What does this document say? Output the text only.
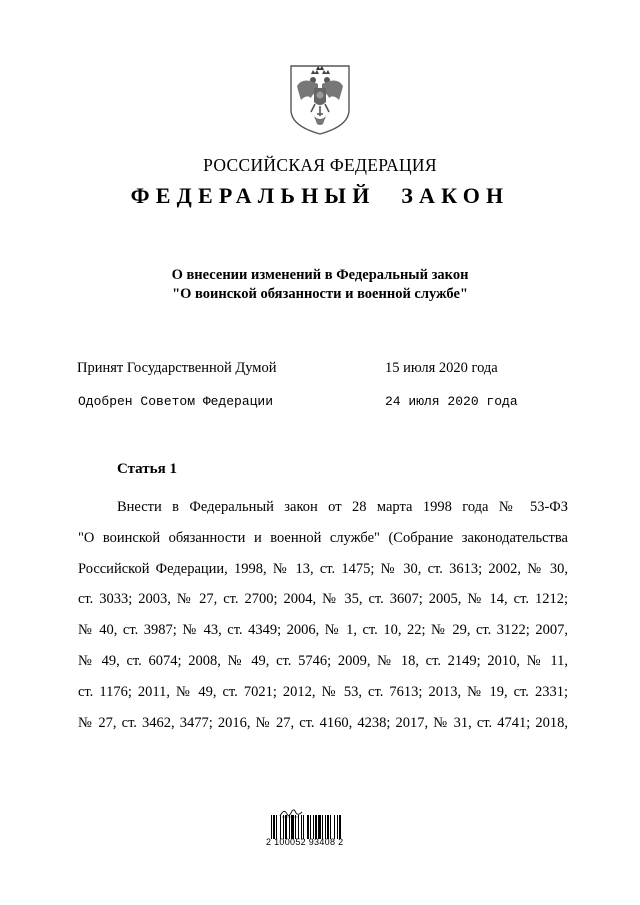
РОССИЙСКАЯ ФЕДЕРАЦИЯ
ФЕДЕРАЛЬНЫЙ ЗАКОН
О внесении изменений в Федеральный закон
"О воинской обязанности и военной службе"
Принят Государственной Думой	15 июля 2020 года
Одобрен Советом Федерации	24 июля 2020 года
Статья 1
Внести в Федеральный закон от 28 марта 1998 года № 53-ФЗ
"О воинской обязанности и военной службе" (Собрание законодательства
Российской Федерации, 1998, № 13, ст. 1475; № 30, ст. 3613; 2002, № 30,
ст. 3033; 2003, № 27, ст. 2700; 2004, № 35, ст. 3607; 2005, № 14, ст. 1212;
№ 40, ст. 3987; № 43, ст. 4349; 2006, № 1, ст. 10, 22; № 29, ст. 3122; 2007,
№ 49, ст. 6074; 2008, № 49, ст. 5746; 2009, № 18, ст. 2149; 2010, № 11,
ст. 1176; 2011, № 49, ст. 7021; 2012, № 53, ст. 7613; 2013, № 19, ст. 2331;
№ 27, ст. 3462, 3477; 2016, № 27, ст. 4160, 4238; 2017, № 31, ст. 4741; 2018,
2 100052 93408 2
